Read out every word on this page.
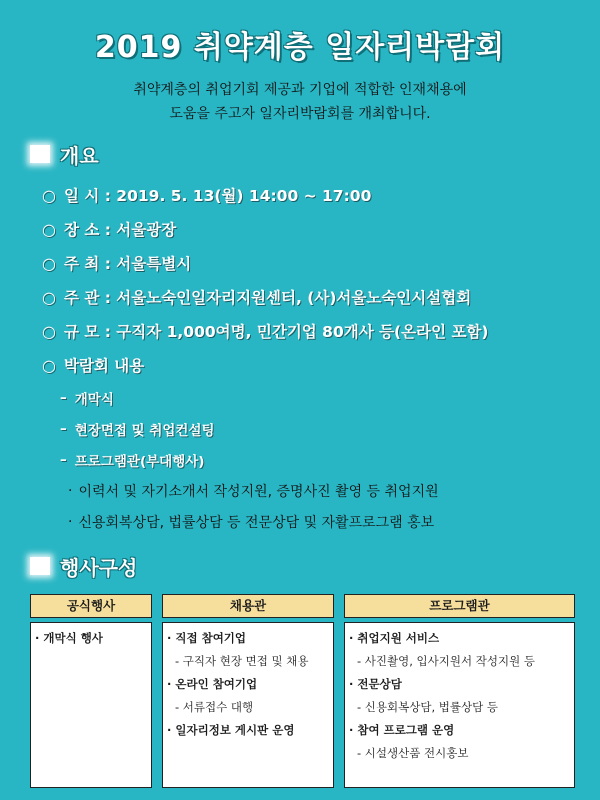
2019 취약계층 일자리박람회
취약계층의 취업기회 제공과 기업에 적합한 인재채용에
도움을 주고자 일자리박람회를 개최합니다.
개요
○ 일 시 : 2019. 5. 13(월) 14:00 ~ 17:00
○ 장 소 : 서울광장
○ 주 최 : 서울특별시
○ 주 관 : 서울노숙인일자리지원센터, (사)서울노숙인시설협회
○ 규 모 : 구직자 1,000여명, 민간기업 80개사 등(온라인 포함)
○ 박람회 내용
– 개막식
– 현장면접 및 취업컨설팅
– 프로그램관(부대행사)
· 이력서 및 자기소개서 작성지원, 증명사진 촬영 등 취업지원
· 신용회복상담, 법률상담 등 전문상담 및 자활프로그램 홍보
행사구성
공식행사
· 개막식 행사
채용관
· 직접 참여기업
- 구직자 현장 면접 및 채용
· 온라인 참여기업
- 서류접수 대행
· 일자리정보 게시판 운영
프로그램관
· 취업지원 서비스
- 사진촬영, 입사지원서 작성지원 등
· 전문상담
- 신용회복상담, 법률상담 등
· 참여 프로그램 운영
- 시설생산품 전시홍보
